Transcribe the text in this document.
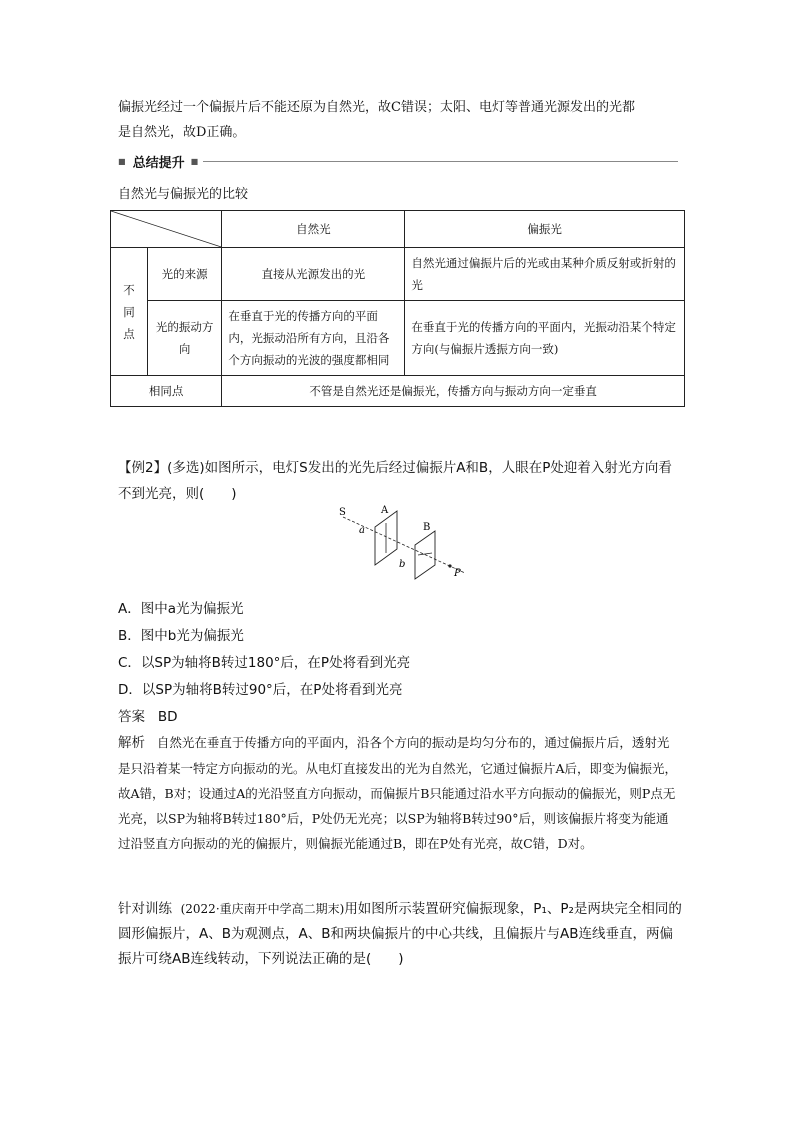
偏振光经过一个偏振片后不能还原为自然光，故C错误；太阳、电灯等普通光源发出的光都
是自然光，故D正确。
■ 总结提升 ■
自然光与偏振光的比较
	自然光	偏振光
不
同
点	光的来源	直接从光源发出的光	自然光通过偏振片后的光或由某种介质反射或折射的光
	光的振动方向	在垂直于光的传播方向的平面内，光振动沿所有方向，且沿各个方向振动的光波的强度都相同	在垂直于光的传播方向的平面内，光振动沿某个特定方向(与偏振片透振方向一致)
相同点		不管是自然光还是偏振光，传播方向与振动方向一定垂直	
【例2】(多选)如图所示，电灯S发出的光先后经过偏振片A和B，人眼在P处迎着入射光方向看不到光亮，则(　　)
S	A
B
a
b
P
A．图中a光为偏振光
B．图中b光为偏振光
C．以SP为轴将B转过180°后，在P处将看到光亮
D．以SP为轴将B转过90°后，在P处将看到光亮
答案 BD
解析 自然光在垂直于传播方向的平面内，沿各个方向的振动是均匀分布的，通过偏振片后，透射光是只沿着某一特定方向振动的光。从电灯直接发出的光为自然光，它通过偏振片A后，即变为偏振光，故A错，B对；设通过A的光沿竖直方向振动，而偏振片B只能通过沿水平方向振动的偏振光，则P点无光亮，以SP为轴将B转过180°后，P处仍无光亮；以SP为轴将B转过90°后，则该偏振片将变为能通过沿竖直方向振动的光的偏振片，则偏振光能通过B，即在P处有光亮，故C错，D对。
针对训练 (2022·重庆南开中学高二期末)用如图所示装置研究偏振现象，P₁、P₂是两块完全相同的圆形偏振片，A、B为观测点，A、B和两块偏振片的中心共线，且偏振片与AB连线垂直，两偏振片可绕AB连线转动，下列说法正确的是(　　)
